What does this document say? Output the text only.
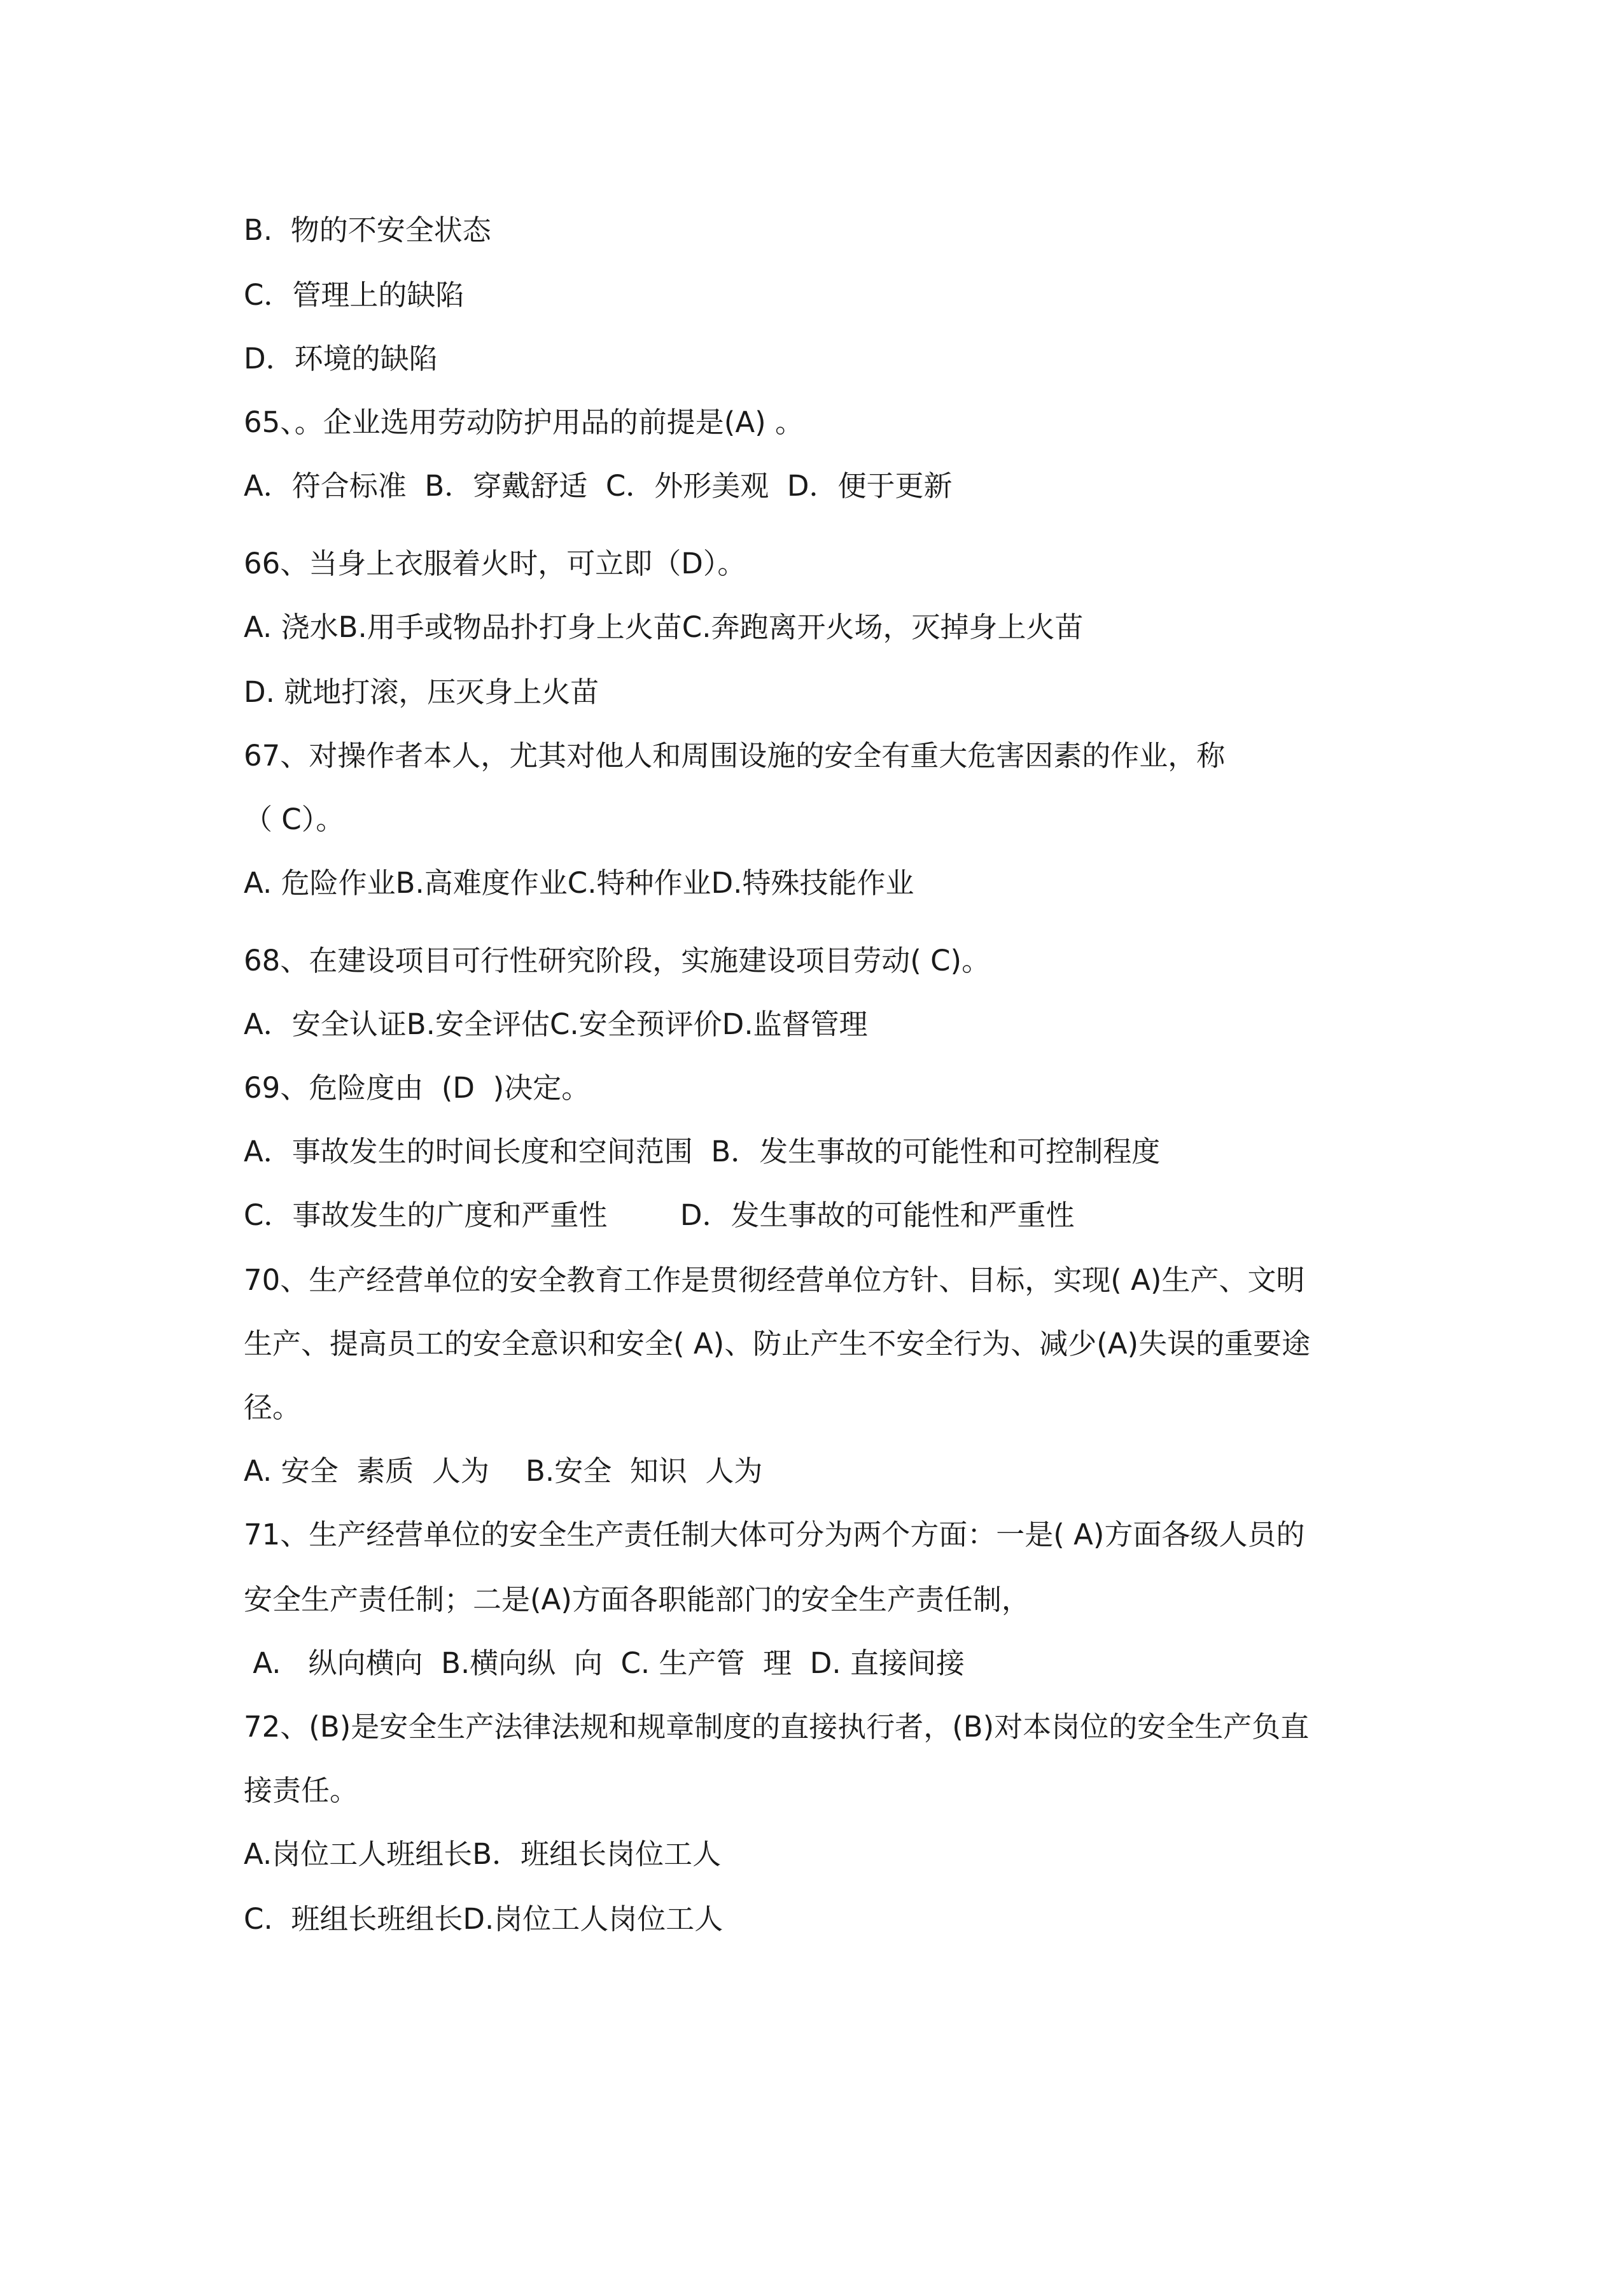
B.  物的不安全状态

C．管理上的缺陷

D．环境的缺陷

65、。企业选用劳动防护用品的前提是(A) 。

A．符合标准  B．穿戴舒适  C．外形美观  D．便于更新

66、当身上衣服着火时，可立即（D）。

A. 浇水B.用手或物品扑打身上火苗C.奔跑离开火场，灭掉身上火苗

D. 就地打滚，压灭身上火苗

67、对操作者本人，尤其对他人和周围设施的安全有重大危害因素的作业，称

（ C）。

A. 危险作业B.高难度作业C.特种作业D.特殊技能作业

68、在建设项目可行性研究阶段，实施建设项目劳动( C)。

A．安全认证B.安全评估C.安全预评价D.监督管理

69、危险度由  (D  )决定。

A．事故发生的时间长度和空间范围  B．发生事故的可能性和可控制程度

C．事故发生的广度和严重性        D．发生事故的可能性和严重性

70、生产经营单位的安全教育工作是贯彻经营单位方针、目标，实现( A)生产、文明

生产、提高员工的安全意识和安全( A)、防止产生不安全行为、减少(A)失误的重要途

径。

A. 安全  素质  人为    B.安全  知识  人为

71、生产经营单位的安全生产责任制大体可分为两个方面：一是( A)方面各级人员的

安全生产责任制；二是(A)方面各职能部门的安全生产责任制，

A.   纵向横向  B.横向纵  向  C. 生产管  理  D. 直接间接

72、(B)是安全生产法律法规和规章制度的直接执行者，(B)对本岗位的安全生产负直

接责任。

A.岗位工人班组长B．班组长岗位工人

C.  班组长班组长D.岗位工人岗位工人
